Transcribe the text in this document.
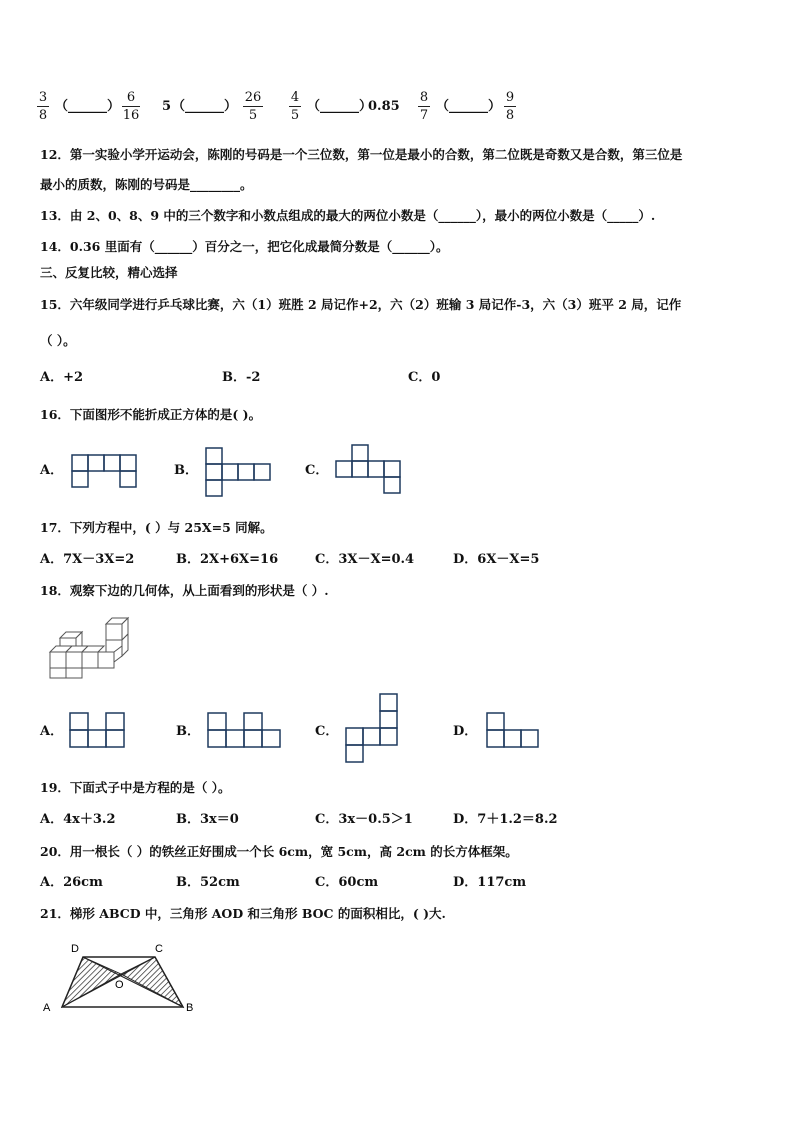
3
8
（______）
6
16
5 （______）
26
5
4
5
（______）
0.85
8
7
（______）
9
8
12．第一实验小学开运动会，陈刚的号码是一个三位数，第一位是最小的合数，第二位既是奇数又是合数，第三位是
最小的质数，陈刚的号码是________。
13．由 2、0、8、9 中的三个数字和小数点组成的最大的两位小数是（______），最小的两位小数是（_____）.
14．0.36 里面有（______）百分之一，把它化成最简分数是（______）。
三、反复比较，精心选择
15．六年级同学进行乒乓球比赛，六（1）班胜 2 局记作+2，六（2）班输 3 局记作-3，六（3）班平 2 局，记作
（ ）。
A．+2	B．-2	C．0
16．下面图形不能折成正方体的是( )。
A．	B．	C．
17．下列方程中，( ）与 25X=5 同解。
A．7X－3X=2	B．2X+6X=16	C．3X－X=0.4	D．6X－X=5
18．观察下边的几何体，从上面看到的形状是（ ）.
A．	B．	C．	D．
19．下面式子中是方程的是（ ）。
A．4x＋3.2	B．3x＝0	C．3x－0.5＞1	D．7＋1.2＝8.2
20．用一根长（ ）的铁丝正好围成一个长 6cm，宽 5cm，高 2cm 的长方体框架。
A．26cm	B．52cm	C．60cm	D．117cm
21．梯形 ABCD 中，三角形 AOD 和三角形 BOC 的面积相比，( )大.
D	C
O
A	B
